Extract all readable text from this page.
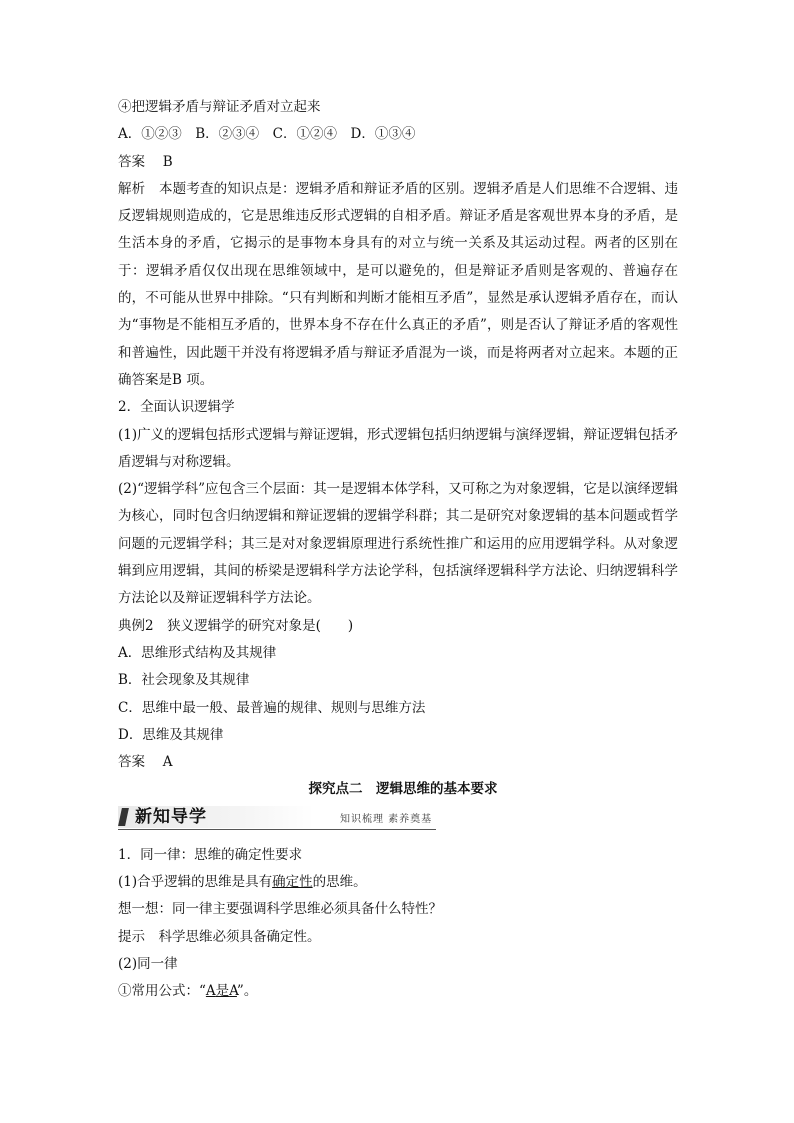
④把逻辑矛盾与辩证矛盾对立起来
A．①②③　B．②③④　C．①②④　D．①③④
答案　 B
解析　 本题考查的知识点是：逻辑矛盾和辩证矛盾的区别。逻辑矛盾是人们思维不合逻辑、违反逻辑规则造成的，它是思维违反形式逻辑的自相矛盾。辩证矛盾是客观世界本身的矛盾，是生活本身的矛盾，它揭示的是事物本身具有的对立与统一关系及其运动过程。两者的区别在于：逻辑矛盾仅仅出现在思维领域中，是可以避免的，但是辩证矛盾则是客观的、普遍存在的，不可能从世界中排除。“只有判断和判断才能相互矛盾”，显然是承认逻辑矛盾存在，而认为“事物是不能相互矛盾的，世界本身不存在什么真正的矛盾”，则是否认了辩证矛盾的客观性和普遍性，因此题干并没有将逻辑矛盾与辩证矛盾混为一谈，而是将两者对立起来。本题的正确答案是B 项。
2．全面认识逻辑学
(1)广义的逻辑包括形式逻辑与辩证逻辑，形式逻辑包括归纳逻辑与演绎逻辑，辩证逻辑包括矛盾逻辑与对称逻辑。
(2)“逻辑学科”应包含三个层面：其一是逻辑本体学科，又可称之为对象逻辑，它是以演绎逻辑为核心，同时包含归纳逻辑和辩证逻辑的逻辑学科群；其二是研究对象逻辑的基本问题或哲学问题的元逻辑学科；其三是对对象逻辑原理进行系统性推广和运用的应用逻辑学科。从对象逻辑到应用逻辑，其间的桥梁是逻辑科学方法论学科，包括演绎逻辑科学方法论、归纳逻辑科学方法论以及辩证逻辑科学方法论。
典例2　 狭义逻辑学的研究对象是(　　)
A．思维形式结构及其规律
B．社会现象及其规律
C．思维中最一般、最普遍的规律、规则与思维方法
D．思维及其规律
答案　 A
探究点二　逻辑思维的基本要求
新知导学	知识梳理 素养奠基
1．同一律：思维的确定性要求
(1)合乎逻辑的思维是具有确定性的思维。
想一想：同一律主要强调科学思维必须具备什么特性？
提示　 科学思维必须具备确定性。
(2)同一律
①常用公式：“A是A”。
